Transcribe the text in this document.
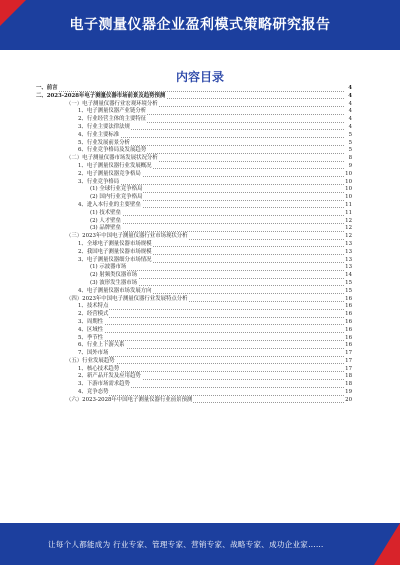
电子测量仪器企业盈利模式策略研究报告
内容目录
一、前言	4
二、2023-2028年电子测量仪器市场前景及趋势预测	4
（一）电子测量仪器行业宏观环境分析	4
1、电子测量仪器产业链分析	4
2、行业经营主体的主要特征	4
3、行业主要法律法规	4
4、行业主要标准	5
5、行业发展前景分析	5
6、行业竞争格局及发展趋势	5
（二）电子测量仪器市场发展状况分析	8
1、电子测量仪器行业发展概况	9
2、电子测量仪器竞争格局	10
3、行业竞争格局	10
(1) 全球行业竞争格局	10
(2) 国内行业竞争格局	10
4、进入本行业的主要壁垒	11
(1) 技术壁垒	11
(2) 人才壁垒	12
(3) 品牌壁垒	12
（三）2023年中国电子测量仪器行业市场现状分析	12
1、全球电子测量仪器市场规模	13
2、我国电子测量仪器市场规模	13
3、电子测量仪器细分市场情况	13
(1) 示波器市场	13
(2) 射频类仪器市场	14
(3) 波形发生器市场	15
4、电子测量仪器市场发展方向	15
（四）2023年中国电子测量仪器行业发展特点分析	16
1、技术特点	16
2、经营模式	16
3、周期性	16
4、区域性	16
5、季节性	16
6、行业上下游关系	16
7、国外市场	17
（五）行业发展趋势	17
1、核心技术趋势	17
2、新产品开发及应用趋势	18
3、下游市场需求趋势	18
4、竞争态势	19
（六）2023-2028年中国电子测量仪器行业前景预测	20
让每个人都能成为 行业专家、管理专家、营销专家、战略专家、成功企业家……
